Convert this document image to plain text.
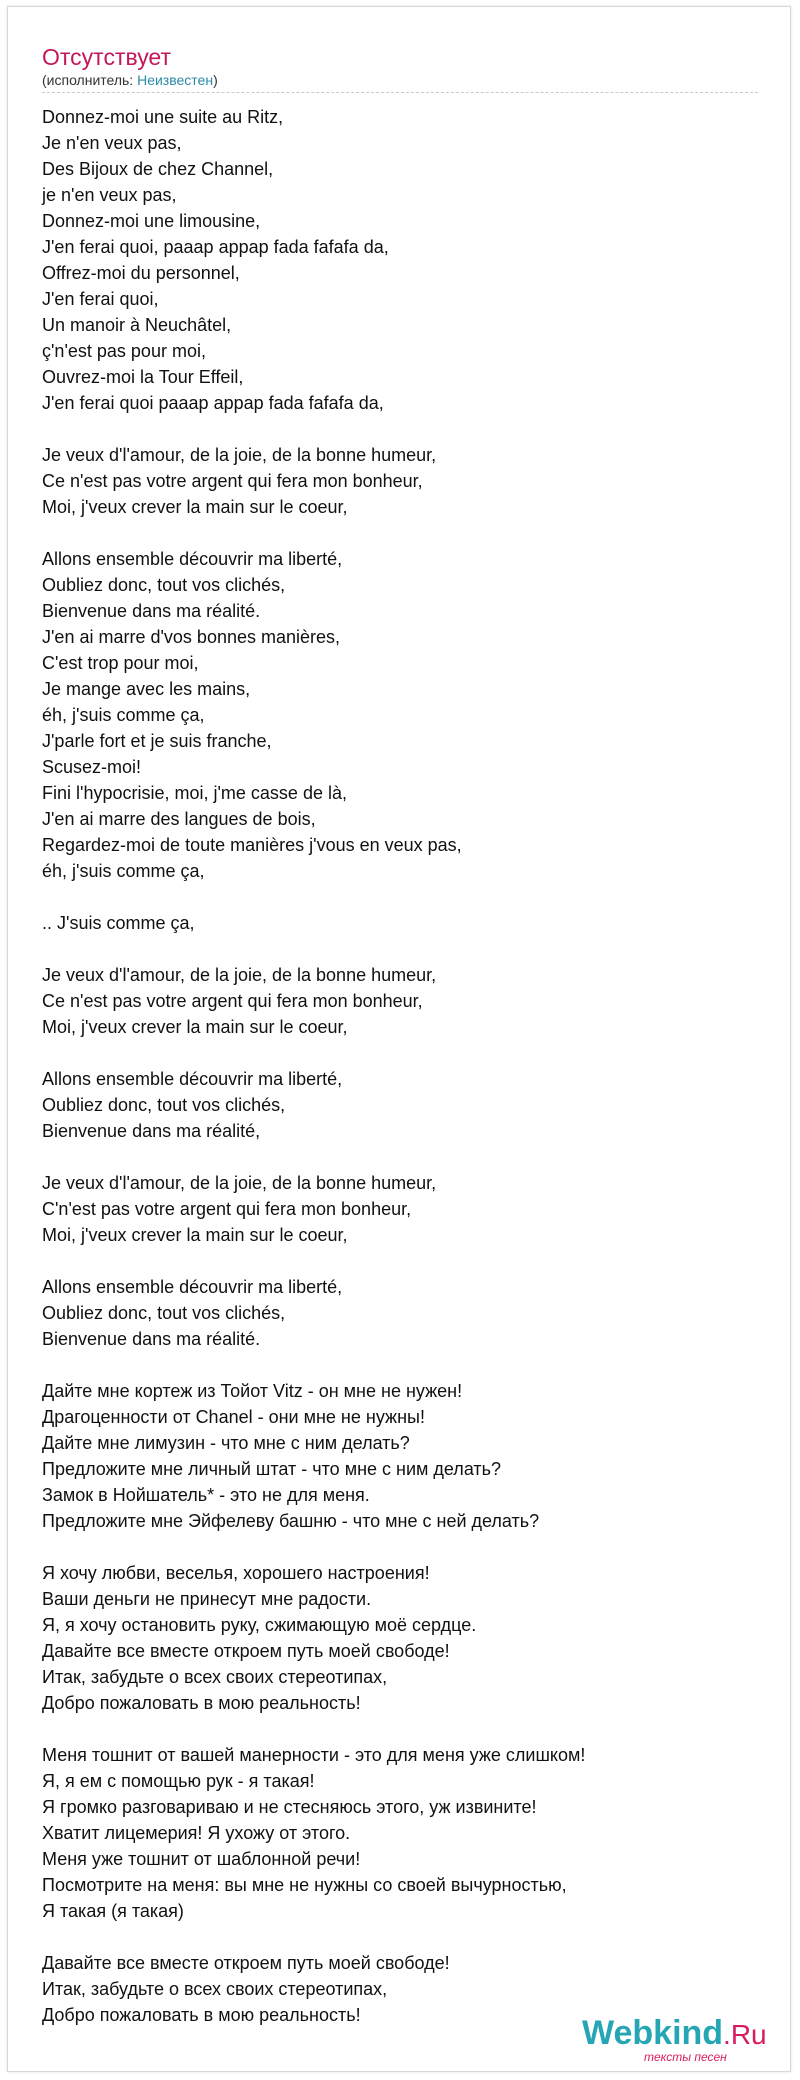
Отсутствует
(исполнитель: Неизвестен)
Donnez-moi une suite au Ritz,
Je n'en veux pas,
Des Bijoux de chez Channel,
je n'en veux pas,
Donnez-moi une limousine,
J'en ferai quoi, paaap appap fada fafafa da,
Offrez-moi du personnel,
J'en ferai quoi,
Un manoir à Neuchâtel,
ç'n'est pas pour moi,
Ouvrez-moi la Tour Effeil,
J'en ferai quoi paaap appap fada fafafa da,
Je veux d'l'amour, de la joie, de la bonne humeur,
Ce n'est pas votre argent qui fera mon bonheur,
Moi, j'veux crever la main sur le coeur,
Allons ensemble découvrir ma liberté,
Oubliez donc, tout vos clichés,
Bienvenue dans ma réalité.
J'en ai marre d'vos bonnes manières,
C'est trop pour moi,
Je mange avec les mains,
éh, j'suis comme ça,
J'parle fort et je suis franche,
Scusez-moi!
Fini l'hypocrisie, moi, j'me casse de là,
J'en ai marre des langues de bois,
Regardez-moi de toute manières j'vous en veux pas,
éh, j'suis comme ça,
.. J'suis comme ça,
Je veux d'l'amour, de la joie, de la bonne humeur,
Ce n'est pas votre argent qui fera mon bonheur,
Moi, j'veux crever la main sur le coeur,
Allons ensemble découvrir ma liberté,
Oubliez donc, tout vos clichés,
Bienvenue dans ma réalité,
Je veux d'l'amour, de la joie, de la bonne humeur,
C'n'est pas votre argent qui fera mon bonheur,
Moi, j'veux crever la main sur le coeur,
Allons ensemble découvrir ma liberté,
Oubliez donc, tout vos clichés,
Bienvenue dans ma réalité.
Дайте мне кортеж из Тойот Vitz - он мне не нужен!
Драгоценности от Chanel - они мне не нужны!
Дайте мне лимузин - что мне с ним делать?
Предложите мне личный штат - что мне с ним делать?
Замок в Нойшатель* - это не для меня.
Предложите мне Эйфелеву башню - что мне с ней делать?
Я хочу любви, веселья, хорошего настроения!
Ваши деньги не принесут мне радости.
Я, я хочу остановить руку, сжимающую моё сердце.
Давайте все вместе откроем путь моей свободе!
Итак, забудьте о всех своих стереотипах,
Добро пожаловать в мою реальность!
Меня тошнит от вашей манерности - это для меня уже слишком!
Я, я ем с помощью рук - я такая!
Я громко разговариваю и не стесняюсь этого, уж извините!
Хватит лицемерия! Я ухожу от этого.
Меня уже тошнит от шаблонной речи!
Посмотрите на меня: вы мне не нужны со своей вычурностью,
Я такая (я такая)
Давайте все вместе откроем путь моей свободе!
Итак, забудьте о всех своих стереотипах,
Добро пожаловать в мою реальность!	Webkind.Ru
тексты песен
